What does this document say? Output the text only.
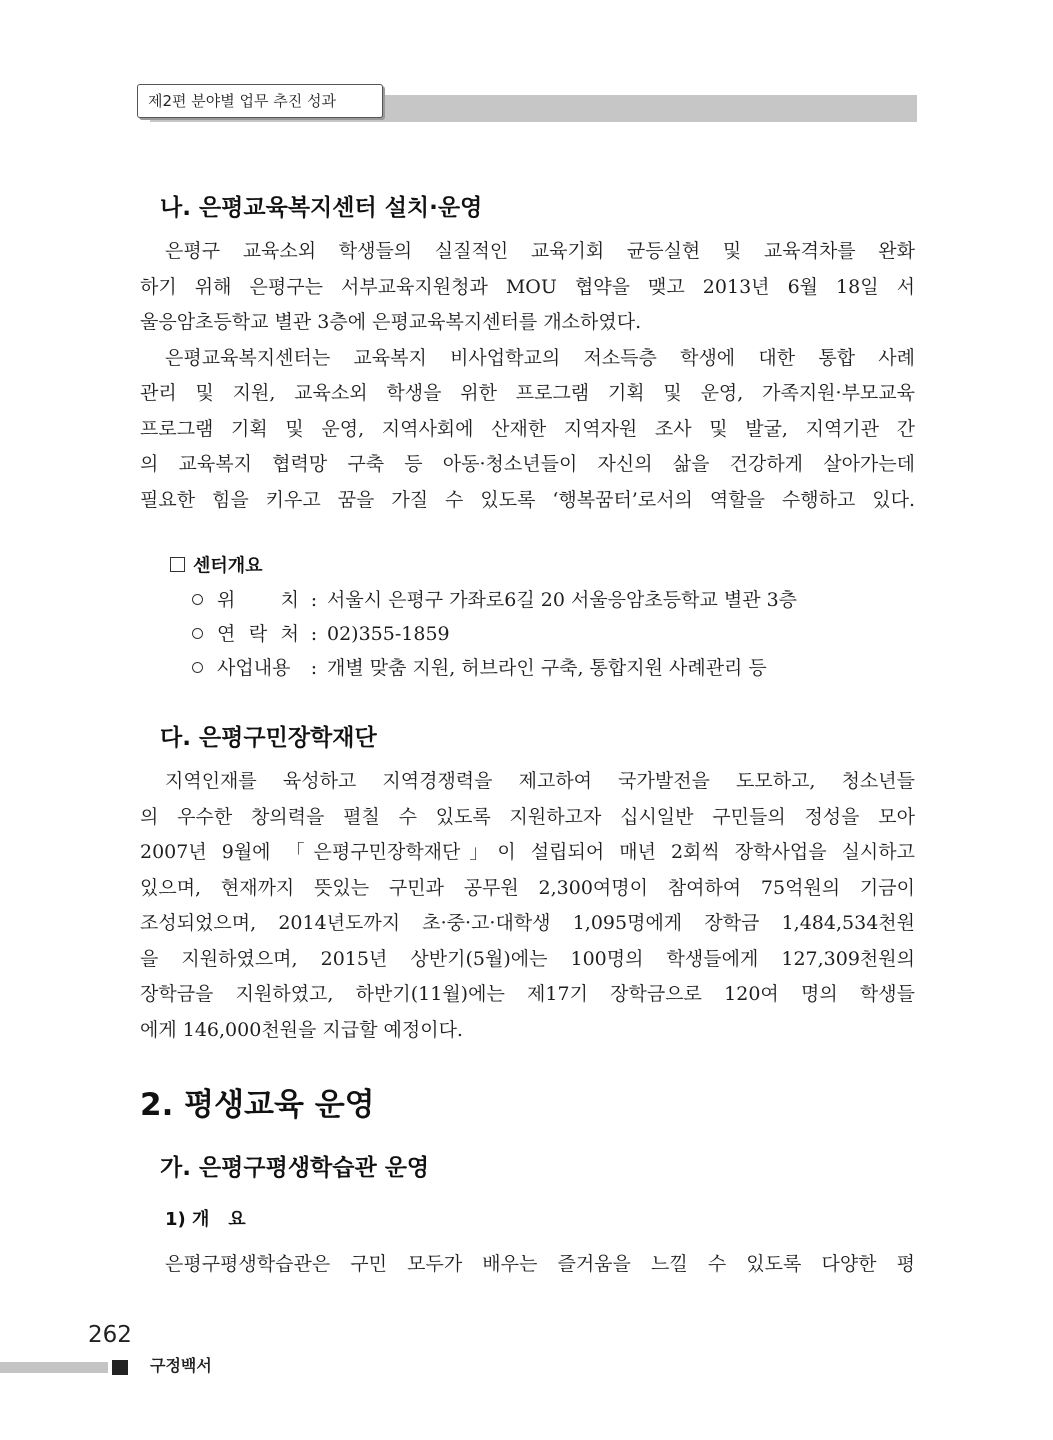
제2편 분야별 업무 추진 성과
나. 은평교육복지센터 설치·운영
은평구 교육소외 학생들의 실질적인 교육기회 균등실현 및 교육격차를 완화
하기 위해 은평구는 서부교육지원청과 MOU 협약을 맺고 2013년 6월 18일 서
울응암초등학교 별관 3층에 은평교육복지센터를 개소하였다.
은평교육복지센터는 교육복지 비사업학교의 저소득층 학생에 대한 통합 사례
관리 및 지원, 교육소외 학생을 위한 프로그램 기획 및 운영, 가족지원·부모교육
프로그램 기획 및 운영, 지역사회에 산재한 지역자원 조사 및 발굴, 지역기관 간
의 교육복지 협력망 구축 등 아동·청소년들이 자신의 삶을 건강하게 살아가는데
필요한 힘을 키우고 꿈을 가질 수 있도록 ‘행복꿈터’로서의 역할을 수행하고 있다.
센터개요
위 치 : 서울시 은평구 가좌로6길 20 서울응암초등학교 별관 3층
연 락 처 : 02)355-1859
사업내용 : 개별 맞춤 지원, 허브라인 구축, 통합지원 사례관리 등
다. 은평구민장학재단
지역인재를 육성하고 지역경쟁력을 제고하여 국가발전을 도모하고, 청소년들
의 우수한 창의력을 펼칠 수 있도록 지원하고자 십시일반 구민들의 정성을 모아
2007년 9월에 「은평구민장학재단」이 설립되어 매년 2회씩 장학사업을 실시하고
있으며, 현재까지 뜻있는 구민과 공무원 2,300여명이 참여하여 75억원의 기금이
조성되었으며, 2014년도까지 초·중·고·대학생 1,095명에게 장학금 1,484,534천원
을 지원하였으며, 2015년 상반기(5월)에는 100명의 학생들에게 127,309천원의
장학금을 지원하였고, 하반기(11월)에는 제17기 장학금으로 120여 명의 학생들
에게 146,000천원을 지급할 예정이다.
2. 평생교육 운영
가. 은평구평생학습관 운영
1) 개   요
은평구평생학습관은 구민 모두가 배우는 즐거움을 느낄 수 있도록 다양한 평
262
구정백서
